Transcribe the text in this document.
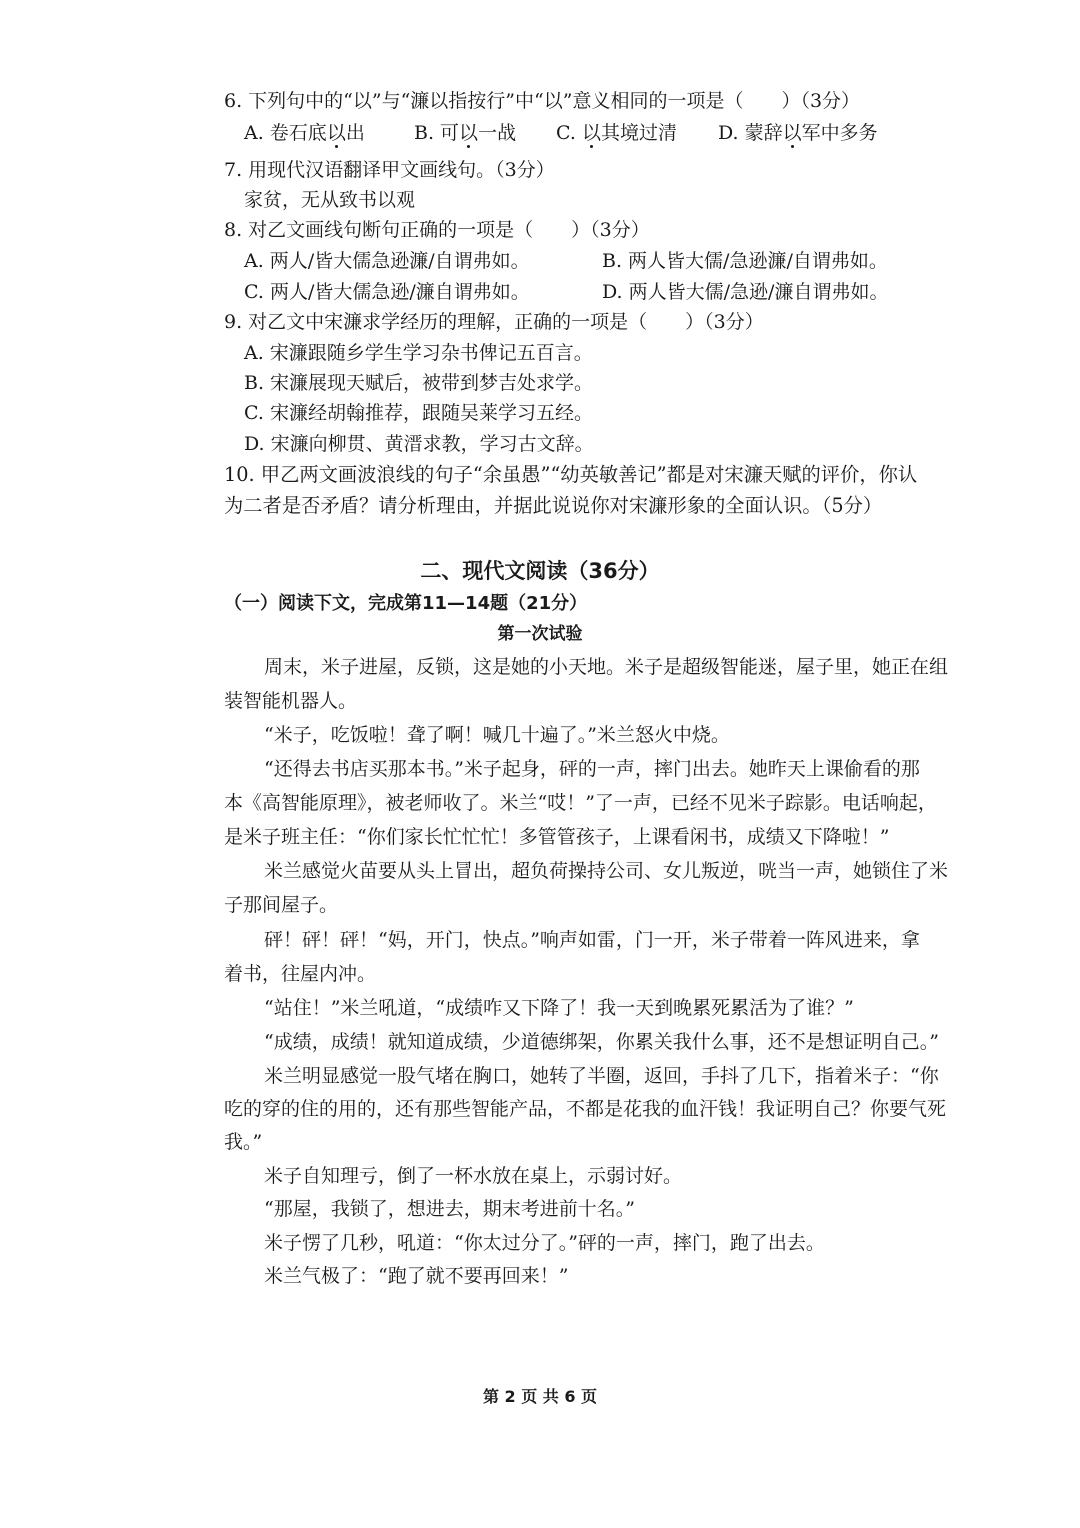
6. 下列句中的“以”与“濂以指按行”中“以”意义相同的一项是（　　）（3分）
A. 卷石底以出	B. 可以一战 C. 以其境过清 D. 蒙辞以军中多务
7. 用现代汉语翻译甲文画线句。（3分）
家贫，无从致书以观
8. 对乙文画线句断句正确的一项是（　　）（3分）
A. 两人/皆大儒急逊濂/自谓弗如。	B. 两人皆大儒/急逊濂/自谓弗如。
C. 两人/皆大儒急逊/濂自谓弗如。	D. 两人皆大儒/急逊/濂自谓弗如。
9. 对乙文中宋濂求学经历的理解，正确的一项是（　　）（3分）
A. 宋濂跟随乡学生学习杂书俾记五百言。
B. 宋濂展现天赋后，被带到梦吉处求学。
C. 宋濂经胡翰推荐，跟随吴莱学习五经。
D. 宋濂向柳贯、黄溍求教，学习古文辞。
10. 甲乙两文画波浪线的句子“余虽愚”“幼英敏善记”都是对宋濂天赋的评价，你认
为二者是否矛盾？请分析理由，并据此说说你对宋濂形象的全面认识。（5分）
二、现代文阅读（36分）
（一）阅读下文，完成第11—14题（21分）
第一次试验
周末，米子进屋，反锁，这是她的小天地。米子是超级智能迷，屋子里，她正在组
装智能机器人。
“米子，吃饭啦！聋了啊！喊几十遍了。”米兰怒火中烧。
“还得去书店买那本书。”米子起身，砰的一声，摔门出去。她昨天上课偷看的那
本《高智能原理》，被老师收了。米兰“哎！”了一声，已经不见米子踪影。电话响起，
是米子班主任：“你们家长忙忙忙！多管管孩子，上课看闲书，成绩又下降啦！”
米兰感觉火苗要从头上冒出，超负荷操持公司、女儿叛逆，咣当一声，她锁住了米
子那间屋子。
砰！砰！砰！“妈，开门，快点。”响声如雷，门一开，米子带着一阵风进来，拿
着书，往屋内冲。
“站住！”米兰吼道，“成绩咋又下降了！我一天到晚累死累活为了谁？”
“成绩，成绩！就知道成绩，少道德绑架，你累关我什么事，还不是想证明自己。”
米兰明显感觉一股气堵在胸口，她转了半圈，返回，手抖了几下，指着米子：“你
吃的穿的住的用的，还有那些智能产品，不都是花我的血汗钱！我证明自己？你要气死
我。”
米子自知理亏，倒了一杯水放在桌上，示弱讨好。
“那屋，我锁了，想进去，期末考进前十名。”
米子愣了几秒，吼道：“你太过分了。”砰的一声，摔门，跑了出去。
米兰气极了：“跑了就不要再回来！”
第 2 页 共 6 页
